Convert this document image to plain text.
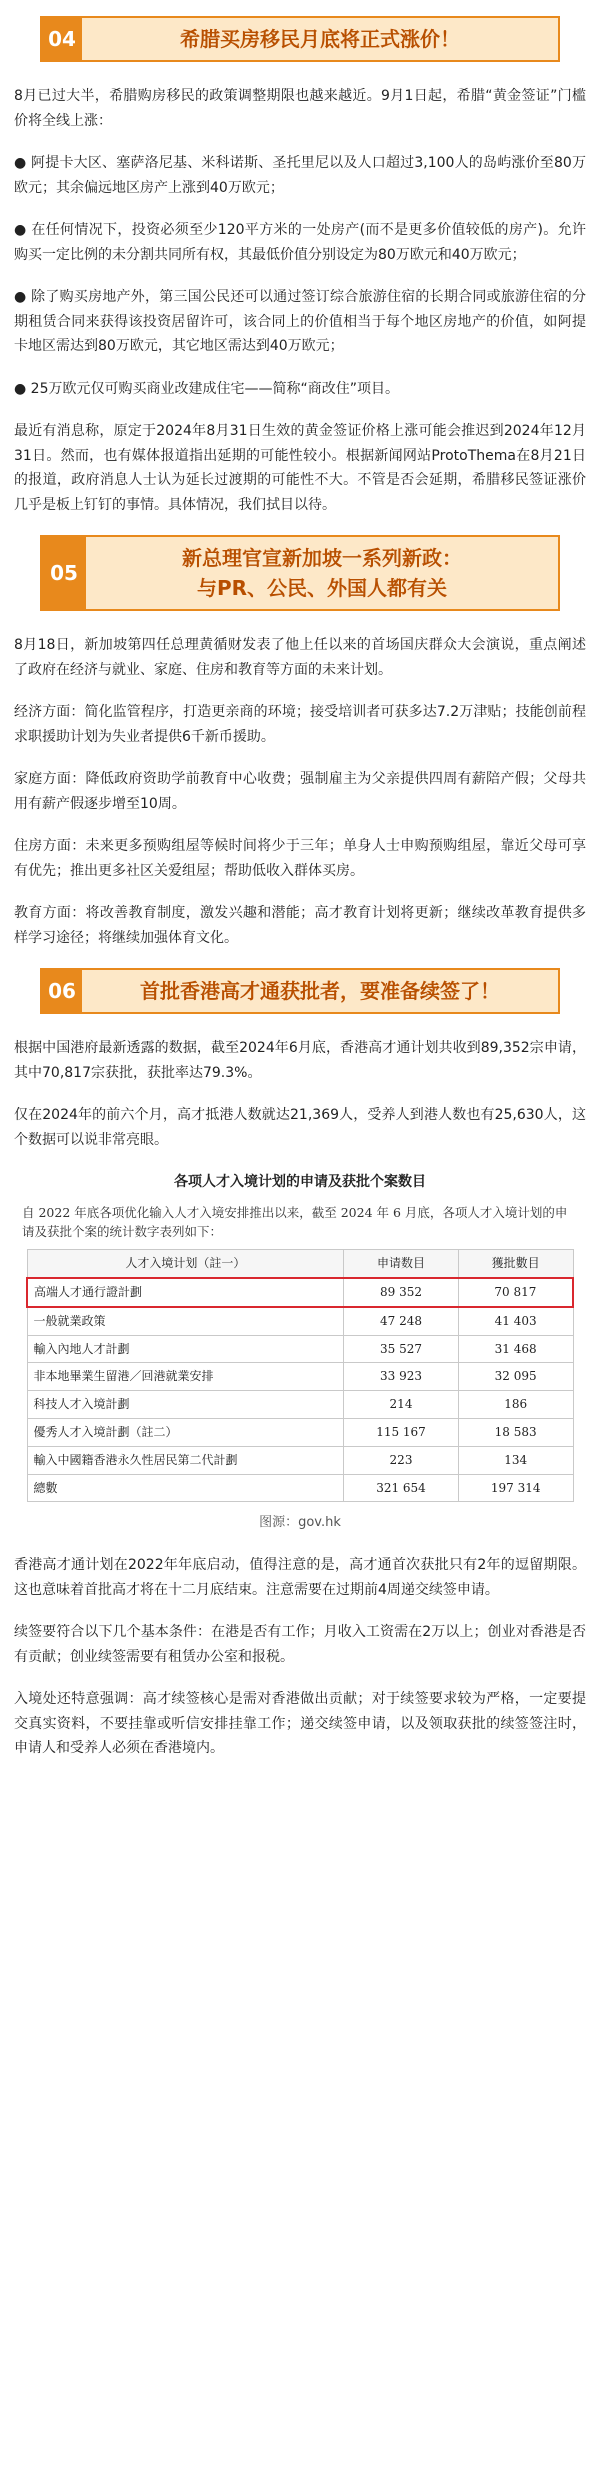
04	希腊买房移民月底将正式涨价！

8月已过大半，希腊购房移民的政策调整期限也越来越近。9月1日起，希腊“黄金签证”门槛价将全线上涨：

● 阿提卡大区、塞萨洛尼基、米科诺斯、圣托里尼以及人口超过3,100人的岛屿涨价至80万欧元；其余偏远地区房产上涨到40万欧元；

● 在任何情况下，投资必须至少120平方米的一处房产(而不是更多价值较低的房产)。允许购买一定比例的未分割共同所有权，其最低价值分别设定为80万欧元和40万欧元；

● 除了购买房地产外，第三国公民还可以通过签订综合旅游住宿的长期合同或旅游住宿的分期租赁合同来获得该投资居留许可，该合同上的价值相当于每个地区房地产的价值，如阿提卡地区需达到80万欧元，其它地区需达到40万欧元；

● 25万欧元仅可购买商业改建成住宅——简称“商改住”项目。

最近有消息称，原定于2024年8月31日生效的黄金签证价格上涨可能会推迟到2024年12月31日。然而，也有媒体报道指出延期的可能性较小。根据新闻网站ProtoThema在8月21日的报道，政府消息人士认为延长过渡期的可能性不大。不管是否会延期，希腊移民签证涨价几乎是板上钉钉的事情。具体情况，我们拭目以待。

05
新总理官宣新加坡一系列新政：
与PR、公民、外国人都有关

8月18日，新加坡第四任总理黄循财发表了他上任以来的首场国庆群众大会演说，重点阐述了政府在经济与就业、家庭、住房和教育等方面的未来计划。

经济方面：简化监管程序，打造更亲商的环境；接受培训者可获多达7.2万津贴；技能创前程求职援助计划为失业者提供6千新币援助。

家庭方面：降低政府资助学前教育中心收费；强制雇主为父亲提供四周有薪陪产假；父母共用有薪产假逐步增至10周。

住房方面：未来更多预购组屋等候时间将少于三年；单身人士申购预购组屋，靠近父母可享有优先；推出更多社区关爱组屋；帮助低收入群体买房。

教育方面：将改善教育制度，激发兴趣和潜能；高才教育计划将更新；继续改革教育提供多样学习途径；将继续加强体育文化。

06	首批香港高才通获批者，要准备续签了！

根据中国港府最新透露的数据，截至2024年6月底，香港高才通计划共收到89,352宗申请，其中70,817宗获批，获批率达79.3%。

仅在2024年的前六个月，高才抵港人数就达21,369人，受养人到港人数也有25,630人，这个数据可以说非常亮眼。

各项人才入境计划的申请及获批个案数目
自 2022 年底各项优化输入人才入境安排推出以来，截至 2024 年 6 月底，各项人才入境计划的申请及获批个案的统计数字表列如下：
人才入境计划（註一）	申请数目	獲批數目
高端人才通行證計劃	89 352	70 817
一般就業政策	47 248	41 403
輸入內地人才計劃	35 527	31 468
非本地畢業生留港／回港就業安排	33 923	32 095
科技人才入境計劃	214	186
優秀人才入境計劃（註二）	115 167	18 583
輸入中國籍香港永久性居民第二代計劃	223	134
總數	321 654	197 314
图源：gov.hk

香港高才通计划在2022年年底启动，值得注意的是，高才通首次获批只有2年的逗留期限。这也意味着首批高才将在十二月底结束。注意需要在过期前4周递交续签申请。

续签要符合以下几个基本条件：在港是否有工作；月收入工资需在2万以上；创业对香港是否有贡献；创业续签需要有租赁办公室和报税。

入境处还特意强调：高才续签核心是需对香港做出贡献；对于续签要求较为严格，一定要提交真实资料，不要挂靠或听信安排挂靠工作；递交续签申请，以及领取获批的续签签注时，申请人和受养人必须在香港境内。
